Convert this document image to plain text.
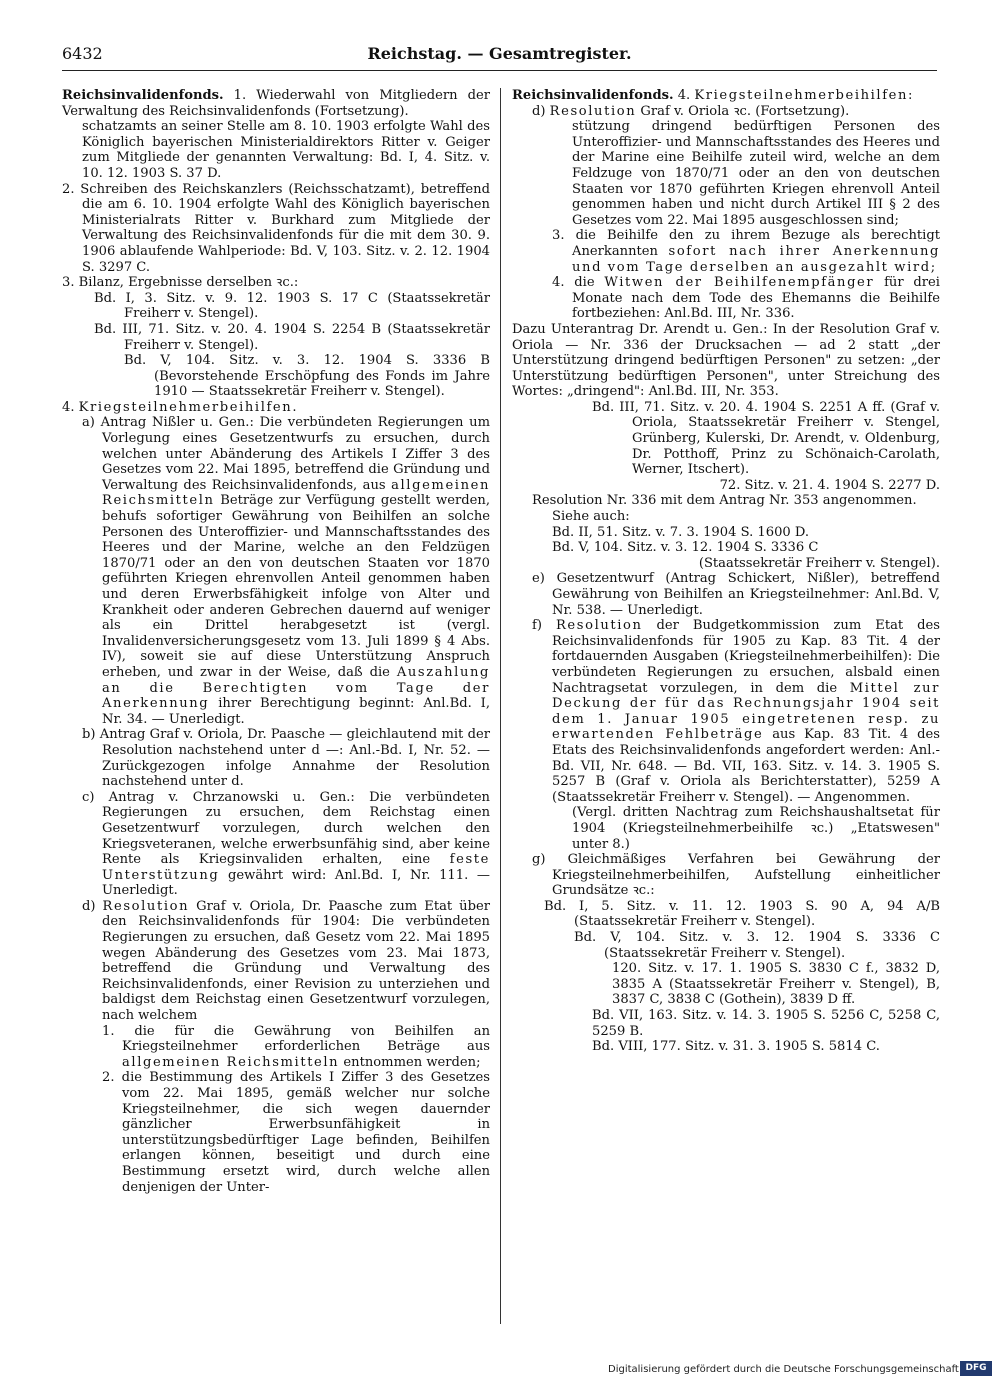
6432	Reichstag. — Gesamtregister.

Reichsinvalidenfonds. 1. Wiederwahl von Mitgliedern der Verwaltung des Reichsinvalidenfonds (Fortsetzung).

schatzamts an seiner Stelle am 8. 10. 1903 erfolgte Wahl des Königlich bayerischen Ministerialdirektors Ritter v. Geiger zum Mitgliede der genannten Verwaltung: Bd. I, 4. Sitz. v. 10. 12. 1903 S. 37 D.

2. Schreiben des Reichskanzlers (Reichsschatzamt), betreffend die am 6. 10. 1904 erfolgte Wahl des Königlich bayerischen Ministerialrats Ritter v. Burkhard zum Mitgliede der Verwaltung des Reichsinvalidenfonds für die mit dem 30. 9. 1906 ablaufende Wahlperiode: Bd. V, 103. Sitz. v. 2. 12. 1904 S. 3297 C.

3. Bilanz, Ergebnisse derselben ꝛc.:

Bd. I, 3. Sitz. v. 9. 12. 1903 S. 17 C (Staatssekretär Freiherr v. Stengel).

Bd. III, 71. Sitz. v. 20. 4. 1904 S. 2254 B (Staatssekretär Freiherr v. Stengel).

Bd. V, 104. Sitz. v. 3. 12. 1904 S. 3336 B (Bevorstehende Erschöpfung des Fonds im Jahre 1910 — Staatssekretär Freiherr v. Stengel).

4. Kriegsteilnehmerbeihilfen.

a) Antrag Nißler u. Gen.: Die verbündeten Regierungen um Vorlegung eines Gesetzentwurfs zu ersuchen, durch welchen unter Abänderung des Artikels I Ziffer 3 des Gesetzes vom 22. Mai 1895, betreffend die Gründung und Verwaltung des Reichsinvalidenfonds, aus allgemeinen Reichsmitteln Beträge zur Verfügung gestellt werden, behufs sofortiger Gewährung von Beihilfen an solche Personen des Unteroffizier- und Mannschaftsstandes des Heeres und der Marine, welche an den Feldzügen 1870/71 oder an den von deutschen Staaten vor 1870 geführten Kriegen ehrenvollen Anteil genommen haben und deren Erwerbsfähigkeit infolge von Alter und Krankheit oder anderen Gebrechen dauernd auf weniger als ein Drittel herabgesetzt ist (vergl. Invalidenversicherungsgesetz vom 13. Juli 1899 § 4 Abs. IV), soweit sie auf diese Unterstützung Anspruch erheben, und zwar in der Weise, daß die Auszahlung an die Berechtigten vom Tage der Anerkennung ihrer Berechtigung beginnt: Anl.Bd. I, Nr. 34. — Unerledigt.

b) Antrag Graf v. Oriola, Dr. Paasche — gleichlautend mit der Resolution nachstehend unter d —: Anl.-Bd. I, Nr. 52. — Zurückgezogen infolge Annahme der Resolution nachstehend unter d.

c) Antrag v. Chrzanowski u. Gen.: Die verbündeten Regierungen zu ersuchen, dem Reichstag einen Gesetzentwurf vorzulegen, durch welchen den Kriegsveteranen, welche erwerbsunfähig sind, aber keine Rente als Kriegsinvaliden erhalten, eine feste Unterstützung gewährt wird: Anl.Bd. I, Nr. 111. — Unerledigt.

d) Resolution Graf v. Oriola, Dr. Paasche zum Etat über den Reichsinvalidenfonds für 1904: Die verbündeten Regierungen zu ersuchen, daß Gesetz vom 22. Mai 1895 wegen Abänderung des Gesetzes vom 23. Mai 1873, betreffend die Gründung und Verwaltung des Reichsinvalidenfonds, einer Revision zu unterziehen und baldigst dem Reichstag einen Gesetzentwurf vorzulegen, nach welchem

1. die für die Gewährung von Beihilfen an Kriegsteilnehmer erforderlichen Beträge aus allgemeinen Reichsmitteln entnommen werden;

2. die Bestimmung des Artikels I Ziffer 3 des Gesetzes vom 22. Mai 1895, gemäß welcher nur solche Kriegsteilnehmer, die sich wegen dauernder gänzlicher Erwerbsunfähigkeit in unterstützungsbedürftiger Lage befinden, Beihilfen erlangen können, beseitigt und durch eine Bestimmung ersetzt wird, durch welche allen denjenigen der Unter-

Reichsinvalidenfonds. 4. Kriegsteilnehmerbeihilfen:

d) Resolution Graf v. Oriola ꝛc. (Fortsetzung).

stützung dringend bedürftigen Personen des Unteroffizier- und Mannschaftsstandes des Heeres und der Marine eine Beihilfe zuteil wird, welche an dem Feldzuge von 1870/71 oder an den von deutschen Staaten vor 1870 geführten Kriegen ehrenvoll Anteil genommen haben und nicht durch Artikel III § 2 des Gesetzes vom 22. Mai 1895 ausgeschlossen sind;

3. die Beihilfe den zu ihrem Bezuge als berechtigt Anerkannten sofort nach ihrer Anerkennung und vom Tage derselben an ausgezahlt wird;

4. die Witwen der Beihilfenempfänger für drei Monate nach dem Tode des Ehemanns die Beihilfe fortbeziehen: Anl.Bd. III, Nr. 336.

Dazu Unterantrag Dr. Arendt u. Gen.: In der Resolution Graf v. Oriola — Nr. 336 der Drucksachen — ad 2 statt „der Unterstützung dringend bedürftigen Personen" zu setzen: „der Unterstützung bedürftigen Personen", unter Streichung des Wortes: „dringend": Anl.Bd. III, Nr. 353.

Bd. III, 71. Sitz. v. 20. 4. 1904 S. 2251 A ff. (Graf v. Oriola, Staatssekretär Freiherr v. Stengel, Grünberg, Kulerski, Dr. Arendt, v. Oldenburg, Dr. Potthoff, Prinz zu Schönaich-Carolath, Werner, Itschert).

72. Sitz. v. 21. 4. 1904 S. 2277 D.

Resolution Nr. 336 mit dem Antrag Nr. 353 angenommen.

Siehe auch:

Bd. II, 51. Sitz. v. 7. 3. 1904 S. 1600 D.

Bd. V, 104. Sitz. v. 3. 12. 1904 S. 3336 C

(Staatssekretär Freiherr v. Stengel).

e) Gesetzentwurf (Antrag Schickert, Nißler), betreffend Gewährung von Beihilfen an Kriegsteilnehmer: Anl.Bd. V, Nr. 538. — Unerledigt.

f) Resolution der Budgetkommission zum Etat des Reichsinvalidenfonds für 1905 zu Kap. 83 Tit. 4 der fortdauernden Ausgaben (Kriegsteilnehmerbeihilfen): Die verbündeten Regierungen zu ersuchen, alsbald einen Nachtragsetat vorzulegen, in dem die Mittel zur Deckung der für das Rechnungsjahr 1904 seit dem 1. Januar 1905 eingetretenen resp. zu erwartenden Fehlbeträge aus Kap. 83 Tit. 4 des Etats des Reichsinvalidenfonds angefordert werden: Anl.-Bd. VII, Nr. 648. — Bd. VII, 163. Sitz. v. 14. 3. 1905 S. 5257 B (Graf v. Oriola als Berichterstatter), 5259 A (Staatssekretär Freiherr v. Stengel). — Angenommen.

(Vergl. dritten Nachtrag zum Reichshaushaltsetat für 1904 (Kriegsteilnehmerbeihilfe ꝛc.) „Etatswesen" unter 8.)

g) Gleichmäßiges Verfahren bei Gewährung der Kriegsteilnehmerbeihilfen, Aufstellung einheitlicher Grundsätze ꝛc.:

Bd. I, 5. Sitz. v. 11. 12. 1903 S. 90 A, 94 A/B (Staatssekretär Freiherr v. Stengel).

Bd. V, 104. Sitz. v. 3. 12. 1904 S. 3336 C (Staatssekretär Freiherr v. Stengel).

120. Sitz. v. 17. 1. 1905 S. 3830 C f., 3832 D, 3835 A (Staatssekretär Freiherr v. Stengel), B, 3837 C, 3838 C (Gothein), 3839 D ff.

Bd. VII, 163. Sitz. v. 14. 3. 1905 S. 5256 C, 5258 C, 5259 B.

Bd. VIII, 177. Sitz. v. 31. 3. 1905 S. 5814 C.

Digitalisierung gefördert durch die Deutsche Forschungsgemeinschaft DFG
